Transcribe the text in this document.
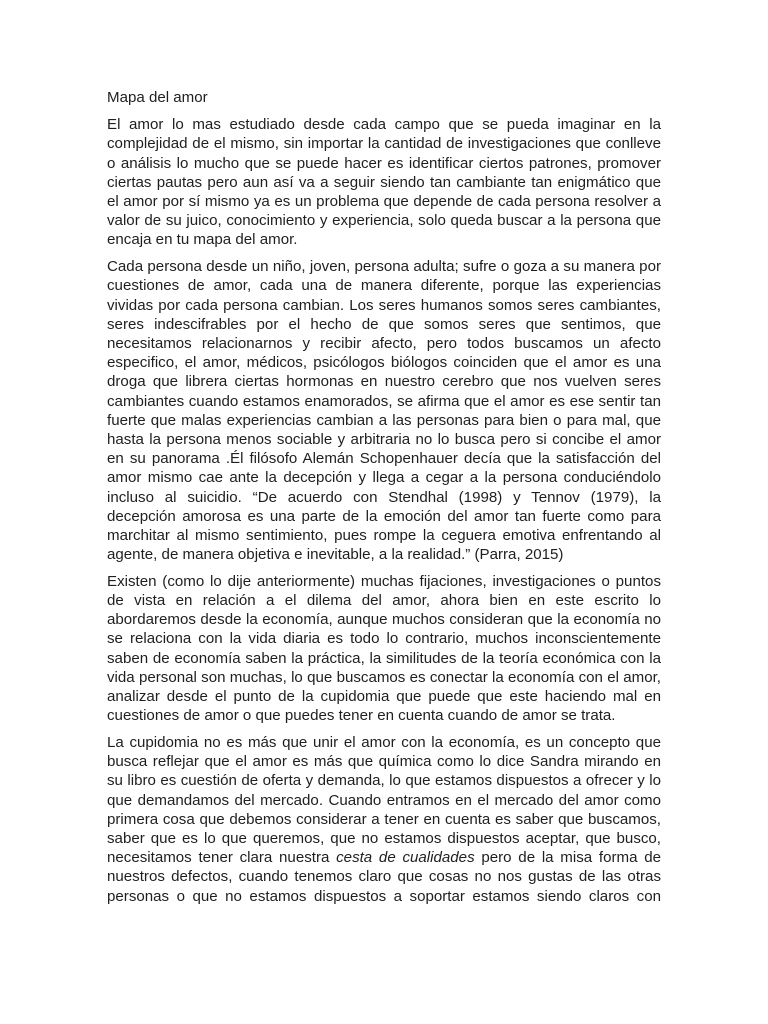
Mapa del amor

El amor lo mas estudiado desde cada campo que se pueda imaginar en la complejidad de el mismo, sin importar la cantidad de investigaciones que conlleve o análisis lo mucho que se puede hacer es identificar ciertos patrones, promover ciertas pautas pero aun así va a seguir siendo tan cambiante tan enigmático que el amor por sí mismo ya es un problema que depende de cada persona resolver a valor de su juico, conocimiento y experiencia, solo queda buscar a la persona que encaja en tu mapa del amor.

Cada persona desde un niño, joven, persona adulta; sufre o goza a su manera por cuestiones de amor, cada una de manera diferente, porque las experiencias vividas por cada persona cambian. Los seres humanos somos seres cambiantes, seres indescifrables por el hecho de que somos seres que sentimos, que necesitamos relacionarnos y recibir afecto, pero todos buscamos un afecto especifico, el amor, médicos, psicólogos biólogos coinciden que el amor es una droga que librera ciertas hormonas en nuestro cerebro que nos vuelven seres cambiantes cuando estamos enamorados, se afirma que el amor es ese sentir tan fuerte que malas experiencias cambian a las personas para bien o para mal, que hasta la persona menos sociable y arbitraria no lo busca pero si concibe el amor en su panorama .Él filósofo Alemán Schopenhauer decía que la satisfacción del amor mismo cae ante la decepción y llega a cegar a la persona conduciéndolo incluso al suicidio. “De acuerdo con Stendhal (1998) y Tennov (1979), la decepción amorosa es una parte de la emoción del amor tan fuerte como para marchitar al mismo sentimiento, pues rompe la ceguera emotiva enfrentando al agente, de manera objetiva e inevitable, a la realidad.” (Parra, 2015)

Existen (como lo dije anteriormente) muchas fijaciones, investigaciones o puntos de vista en relación a el dilema del amor, ahora bien en este escrito lo abordaremos desde la economía, aunque muchos consideran que la economía no se relaciona con la vida diaria es todo lo contrario, muchos inconscientemente saben de economía saben la práctica, la similitudes de la teoría económica con la vida personal son muchas, lo que buscamos es conectar la economía con el amor, analizar desde el punto de la cupidomia que puede que este haciendo mal en cuestiones de amor o que puedes tener en cuenta cuando de amor se trata.

La cupidomia no es más que unir el amor con la economía, es un concepto que busca reflejar que el amor es más que química como lo dice Sandra mirando en su libro es cuestión de oferta y demanda, lo que estamos dispuestos a ofrecer y lo que demandamos del mercado. Cuando entramos en el mercado del amor como primera cosa que debemos considerar a tener en cuenta es saber que buscamos, saber que es lo que queremos, que no estamos dispuestos aceptar, que busco, necesitamos tener clara nuestra cesta de cualidades pero de la misa forma de nuestros defectos, cuando tenemos claro que cosas no nos gustas de las otras personas o que no estamos dispuestos a soportar estamos siendo claros con
